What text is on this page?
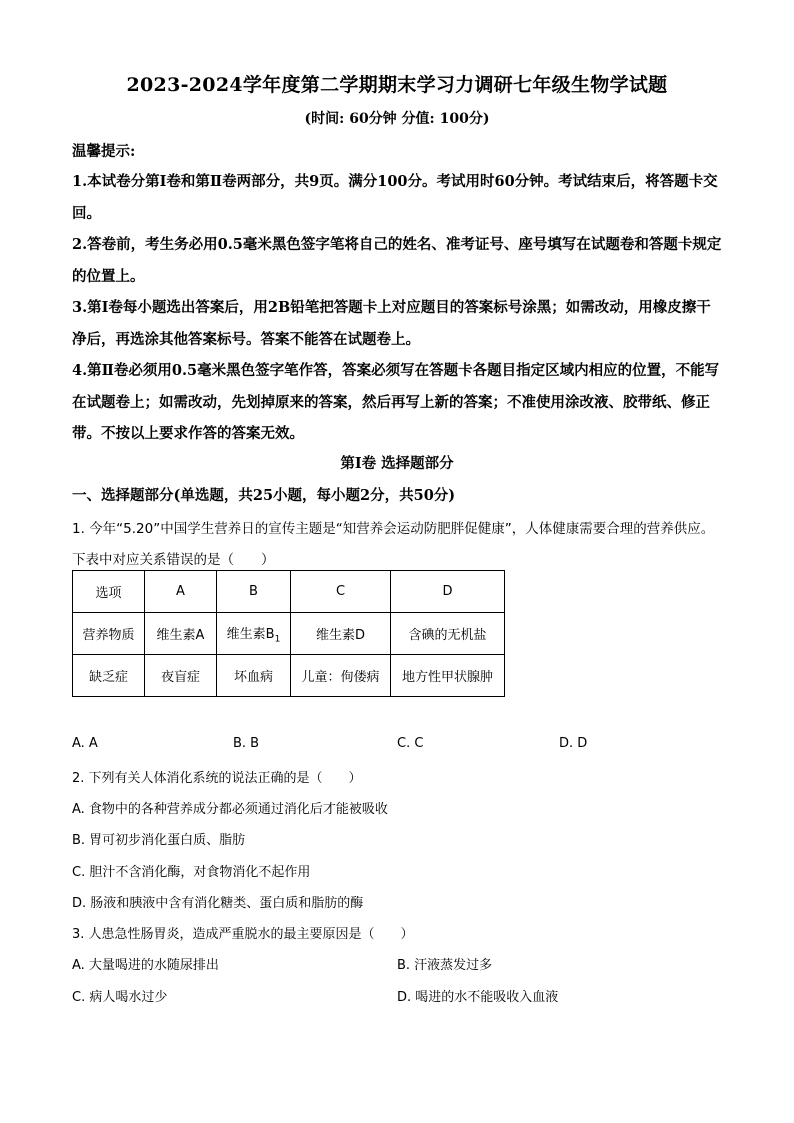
2023-2024学年度第二学期期末学习力调研七年级生物学试题
(时间: 60分钟 分值: 100分)
温馨提示:

1.本试卷分第Ⅰ卷和第Ⅱ卷两部分，共9页。满分100分。考试用时60分钟。考试结束后，将答题卡交回。

2.答卷前，考生务必用0.5毫米黑色签字笔将自己的姓名、准考证号、座号填写在试题卷和答题卡规定的位置上。

3.第Ⅰ卷每小题选出答案后，用2B铅笔把答题卡上对应题目的答案标号涂黑；如需改动，用橡皮擦干净后，再选涂其他答案标号。答案不能答在试题卷上。

4.第Ⅱ卷必须用0.5毫米黑色签字笔作答，答案必须写在答题卡各题目指定区域内相应的位置，不能写在试题卷上；如需改动，先划掉原来的答案，然后再写上新的答案；不准使用涂改液、胶带纸、修正带。不按以上要求作答的答案无效。

第Ⅰ卷 选择题部分
一、选择题部分(单选题，共25小题，每小题2分，共50分)
1. 今年“5.20”中国学生营养日的宣传主题是“知营养会运动防肥胖促健康”，人体健康需要合理的营养供应。下表中对应关系错误的是（　　）
选项	A	B	C	D
营养物质	维生素A	维生素$B_1$	维生素D	含碘的无机盐
缺乏症	夜盲症	坏血病	儿童：佝偻病	地方性甲状腺肿
A. A	B. B	C. C	D. D
2. 下列有关人体消化系统的说法正确的是（　　）
A. 食物中的各种营养成分都必须通过消化后才能被吸收
B. 胃可初步消化蛋白质、脂肪
C. 胆汁不含消化酶，对食物消化不起作用
D. 肠液和胰液中含有消化糖类、蛋白质和脂肪的酶
3. 人患急性肠胃炎，造成严重脱水的最主要原因是（　　）
A. 大量喝进的水随尿排出	B. 汗液蒸发过多
C. 病人喝水过少	D. 喝进的水不能吸收入血液
